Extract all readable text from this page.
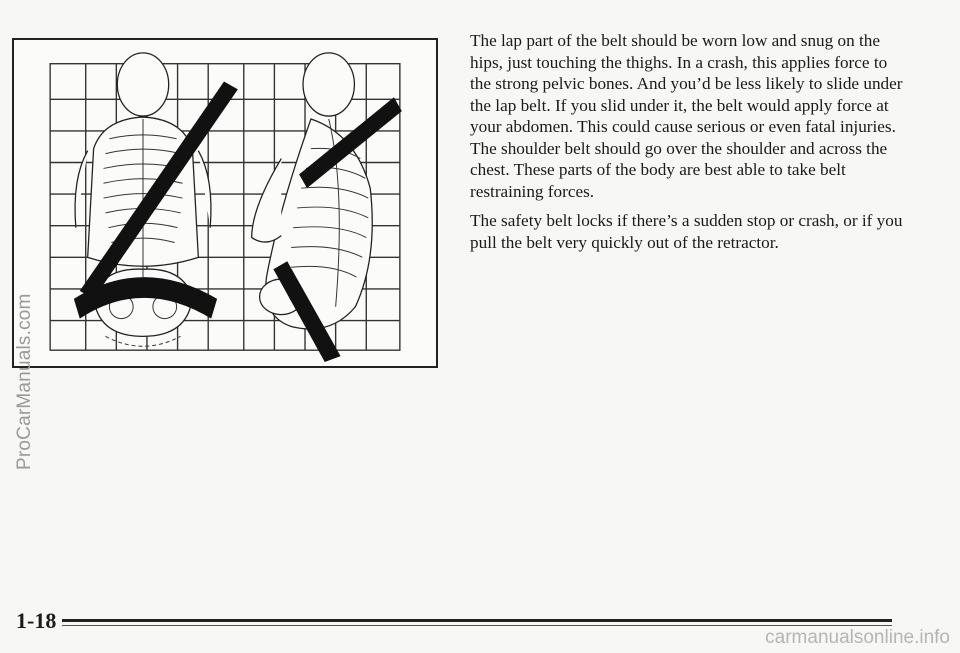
The lap part of the belt should be worn low and snug on the hips, just touching the thighs. In a crash, this applies force to the strong pelvic bones. And you’d be less likely to slide under the lap belt. If you slid under it, the belt would apply force at your abdomen. This could cause serious or even fatal injuries. The shoulder belt should go over the shoulder and across the chest. These parts of the body are best able to take belt restraining forces.

The safety belt locks if there’s a sudden stop or crash, or if you pull the belt very quickly out of the retractor.

ProCarManuals.com
1-18
carmanualsonline.info
